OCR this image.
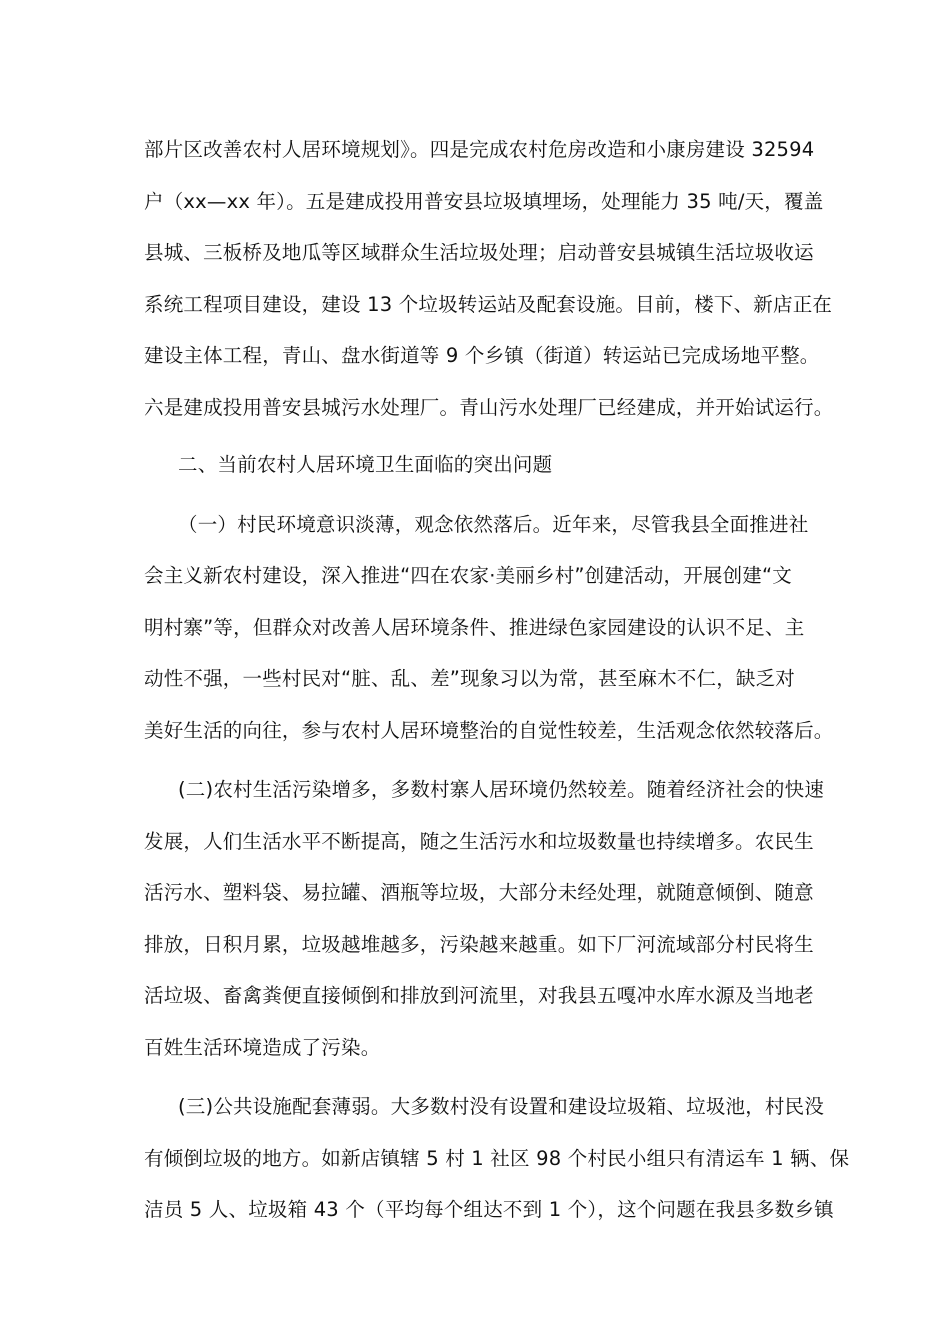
部片区改善农村人居环境规划》。四是完成农村危房改造和小康房建设 32594
户（xx—xx 年）。五是建成投用普安县垃圾填埋场，处理能力 35 吨/天，覆盖
县城、三板桥及地瓜等区域群众生活垃圾处理；启动普安县城镇生活垃圾收运
系统工程项目建设，建设 13 个垃圾转运站及配套设施。目前，楼下、新店正在
建设主体工程，青山、盘水街道等 9 个乡镇（街道）转运站已完成场地平整。
六是建成投用普安县城污水处理厂。青山污水处理厂已经建成，并开始试运行。
二、当前农村人居环境卫生面临的突出问题
（一）村民环境意识淡薄，观念依然落后。近年来，尽管我县全面推进社
会主义新农村建设，深入推进“四在农家·美丽乡村”创建活动，开展创建“文
明村寨”等，但群众对改善人居环境条件、推进绿色家园建设的认识不足、主
动性不强，一些村民对“脏、乱、差”现象习以为常，甚至麻木不仁，缺乏对
美好生活的向往，参与农村人居环境整治的自觉性较差，生活观念依然较落后。
(二)农村生活污染增多，多数村寨人居环境仍然较差。随着经济社会的快速
发展，人们生活水平不断提高，随之生活污水和垃圾数量也持续增多。农民生
活污水、塑料袋、易拉罐、酒瓶等垃圾，大部分未经处理，就随意倾倒、随意
排放，日积月累，垃圾越堆越多，污染越来越重。如下厂河流域部分村民将生
活垃圾、畜禽粪便直接倾倒和排放到河流里，对我县五嘎冲水库水源及当地老
百姓生活环境造成了污染。
(三)公共设施配套薄弱。大多数村没有设置和建设垃圾箱、垃圾池，村民没
有倾倒垃圾的地方。如新店镇辖 5 村 1 社区 98 个村民小组只有清运车 1 辆、保
洁员 5 人、垃圾箱 43 个（平均每个组达不到 1 个），这个问题在我县多数乡镇
